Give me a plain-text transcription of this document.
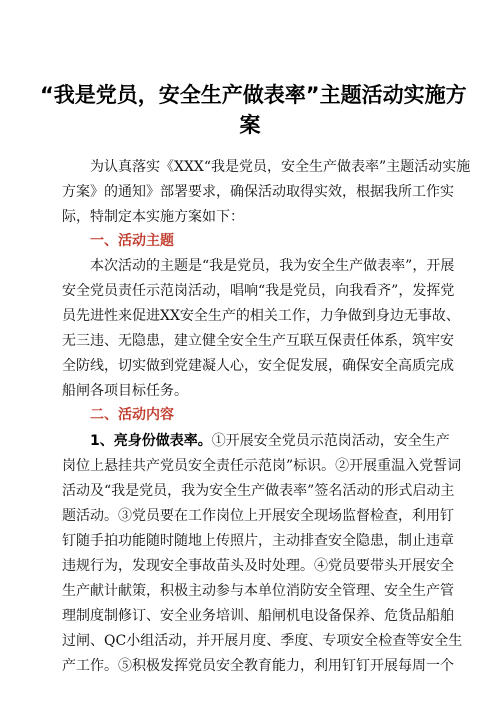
“我是党员，安全生产做表率”主题活动实施方
案
为认真落实《XXX“我是党员，安全生产做表率”主题活动实施
方案》的通知》部署要求，确保活动取得实效，根据我所工作实
际，特制定本实施方案如下：
一、活动主题
本次活动的主题是“我是党员，我为安全生产做表率”，开展
安全党员责任示范岗活动，唱响“我是党员，向我看齐”，发挥党
员先进性来促进XX安全生产的相关工作，力争做到身边无事故、
无三违、无隐患，建立健全安全生产互联互保责任体系，筑牢安
全防线，切实做到党建凝人心，安全促发展，确保安全高质完成
船闸各项目标任务。
二、活动内容
1、亮身份做表率。①开展安全党员示范岗活动，安全生产
岗位上悬挂共产党员安全责任示范岗”标识。②开展重温入党誓词
活动及“我是党员，我为安全生产做表率”签名活动的形式启动主
题活动。③党员要在工作岗位上开展安全现场监督检查，利用钉
钉随手拍功能随时随地上传照片，主动排查安全隐患，制止违章
违规行为，发现安全事故苗头及时处理。④党员要带头开展安全
生产献计献策，积极主动参与本单位消防安全管理、安全生产管
理制度制修订、安全业务培训、船闸机电设备保养、危货品船舶
过闸、QC小组活动，并开展月度、季度、专项安全检查等安全生
产工作。⑤积极发挥党员安全教育能力，利用钉钉开展每周一个
